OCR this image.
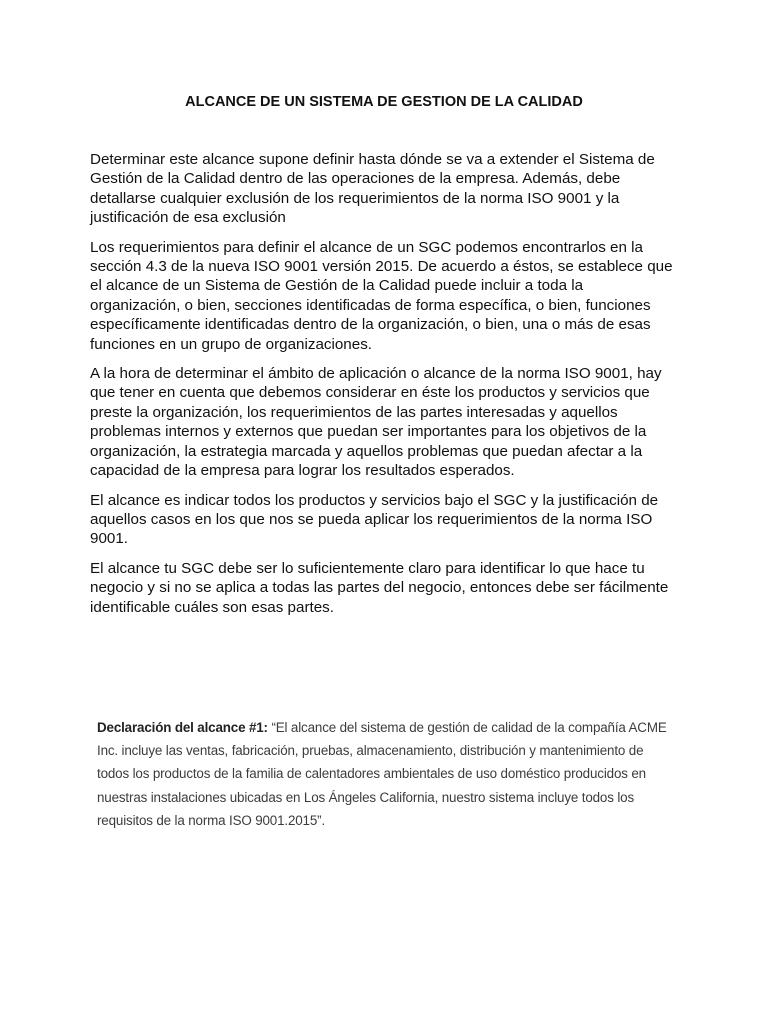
ALCANCE DE UN SISTEMA DE GESTION DE LA CALIDAD

Determinar este alcance supone definir hasta dónde se va a extender el Sistema de Gestión de la Calidad dentro de las operaciones de la empresa. Además, debe detallarse cualquier exclusión de los requerimientos de la norma ISO 9001 y la justificación de esa exclusión

Los requerimientos para definir el alcance de un SGC podemos encontrarlos en la sección 4.3 de la nueva ISO 9001 versión 2015. De acuerdo a éstos, se establece que el alcance de un Sistema de Gestión de la Calidad puede incluir a toda la organización, o bien, secciones identificadas de forma específica, o bien, funciones específicamente identificadas dentro de la organización, o bien, una o más de esas funciones en un grupo de organizaciones.

A la hora de determinar el ámbito de aplicación o alcance de la norma ISO 9001, hay que tener en cuenta que debemos considerar en éste los productos y servicios que preste la organización, los requerimientos de las partes interesadas y aquellos problemas internos y externos que puedan ser importantes para los objetivos de la organización, la estrategia marcada y aquellos problemas que puedan afectar a la capacidad de la empresa para lograr los resultados esperados.

El alcance es indicar todos los productos y servicios bajo el SGC y la justificación de aquellos casos en los que nos se pueda aplicar los requerimientos de la norma ISO 9001.

El alcance tu SGC debe ser lo suficientemente claro para identificar lo que hace tu negocio y si no se aplica a todas las partes del negocio, entonces debe ser fácilmente identificable cuáles son esas partes.

Declaración del alcance #1: “El alcance del sistema de gestión de calidad de la compañía ACME Inc. incluye las ventas, fabricación, pruebas, almacenamiento, distribución y mantenimiento de todos los productos de la familia de calentadores ambientales de uso doméstico producidos en nuestras instalaciones ubicadas en Los Ángeles California, nuestro sistema incluye todos los requisitos de la norma ISO 9001.2015”.
